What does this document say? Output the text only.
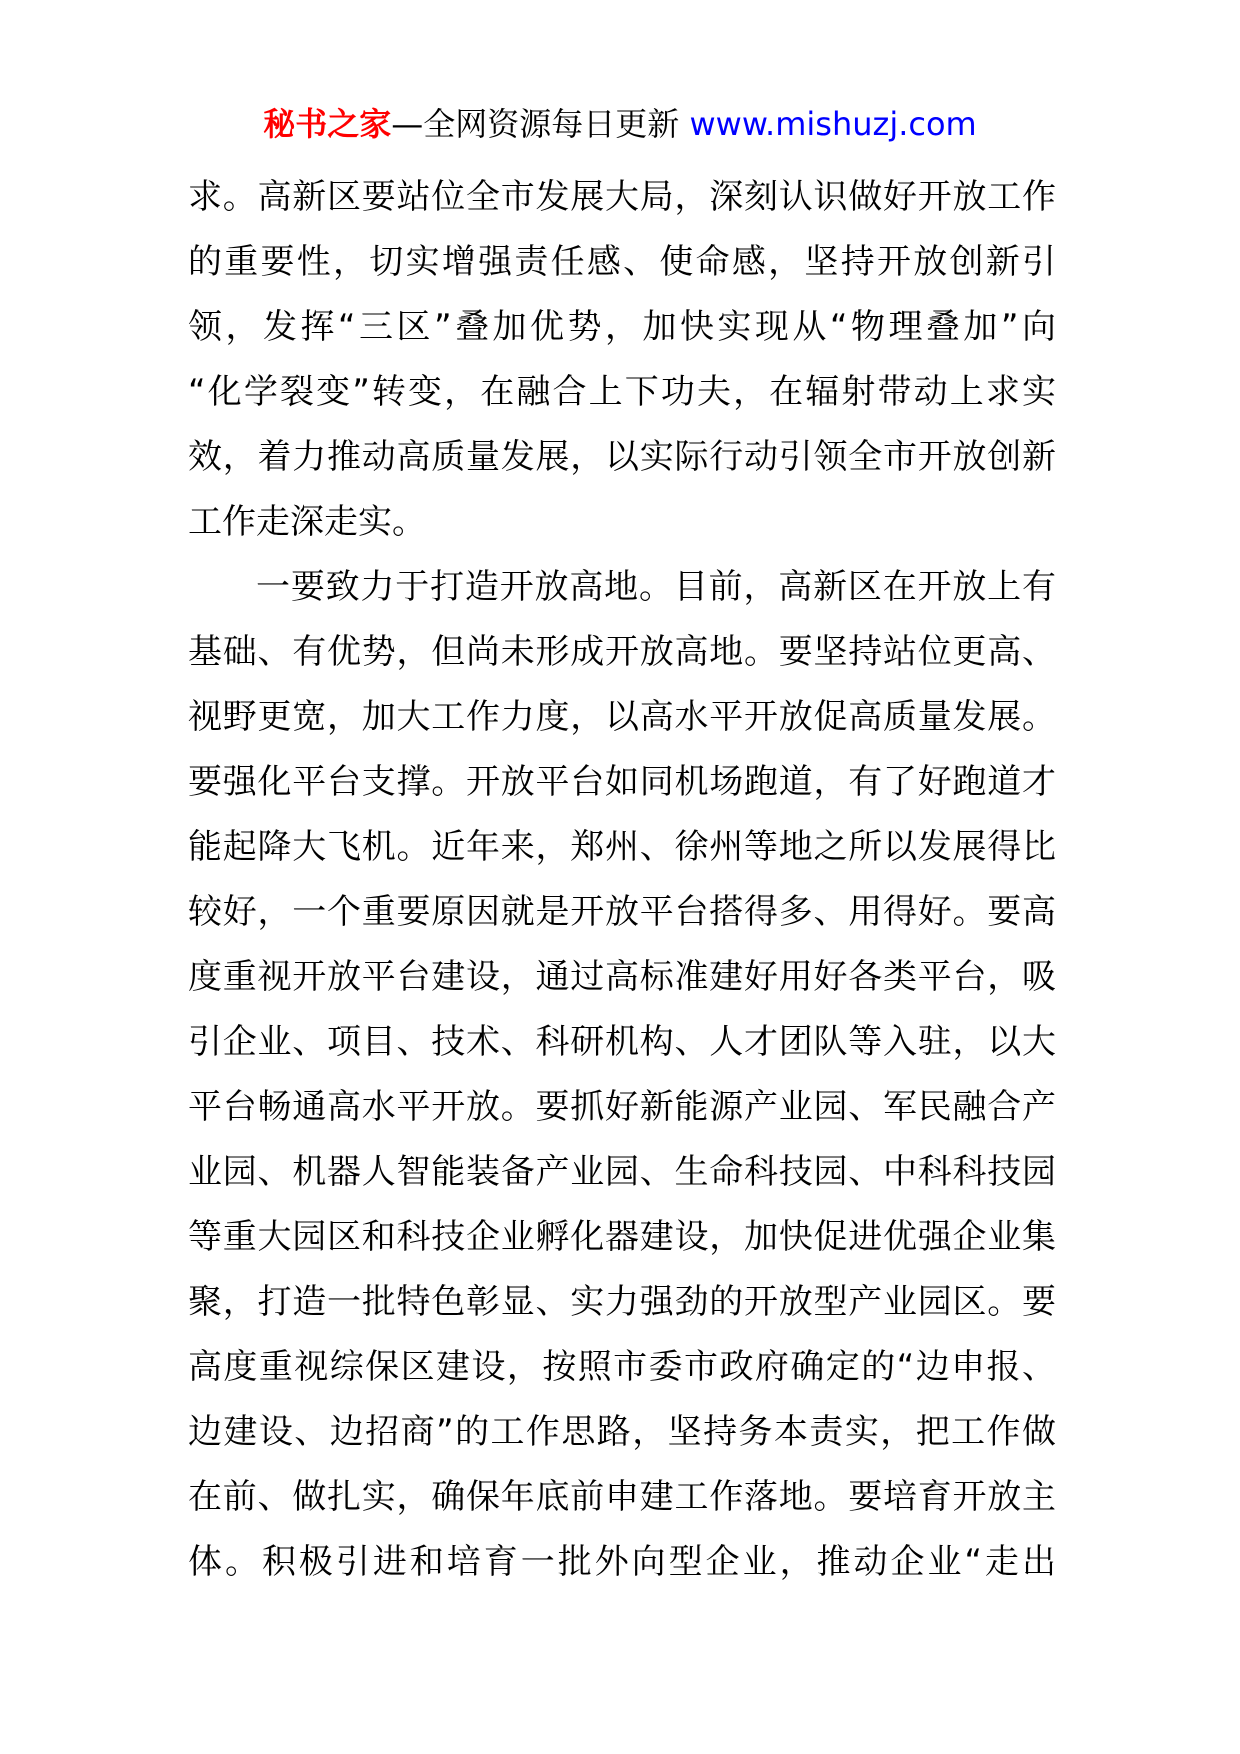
秘书之家—全网资源每日更新 www.mishuzj.com
求。高新区要站位全市发展大局，深刻认识做好开放工作
的重要性，切实增强责任感、使命感，坚持开放创新引
领，发挥“三区”叠加优势，加快实现从“物理叠加”向
“化学裂变”转变，在融合上下功夫，在辐射带动上求实
效，着力推动高质量发展，以实际行动引领全市开放创新
工作走深走实。
一要致力于打造开放高地。目前，高新区在开放上有
基础、有优势，但尚未形成开放高地。要坚持站位更高、
视野更宽，加大工作力度，以高水平开放促高质量发展。
要强化平台支撑。开放平台如同机场跑道，有了好跑道才
能起降大飞机。近年来，郑州、徐州等地之所以发展得比
较好，一个重要原因就是开放平台搭得多、用得好。要高
度重视开放平台建设，通过高标准建好用好各类平台，吸
引企业、项目、技术、科研机构、人才团队等入驻，以大
平台畅通高水平开放。要抓好新能源产业园、军民融合产
业园、机器人智能装备产业园、生命科技园、中科科技园
等重大园区和科技企业孵化器建设，加快促进优强企业集
聚，打造一批特色彰显、实力强劲的开放型产业园区。要
高度重视综保区建设，按照市委市政府确定的“边申报、
边建设、边招商”的工作思路，坚持务本责实，把工作做
在前、做扎实，确保年底前申建工作落地。要培育开放主
体。积极引进和培育一批外向型企业，推动企业“走出
